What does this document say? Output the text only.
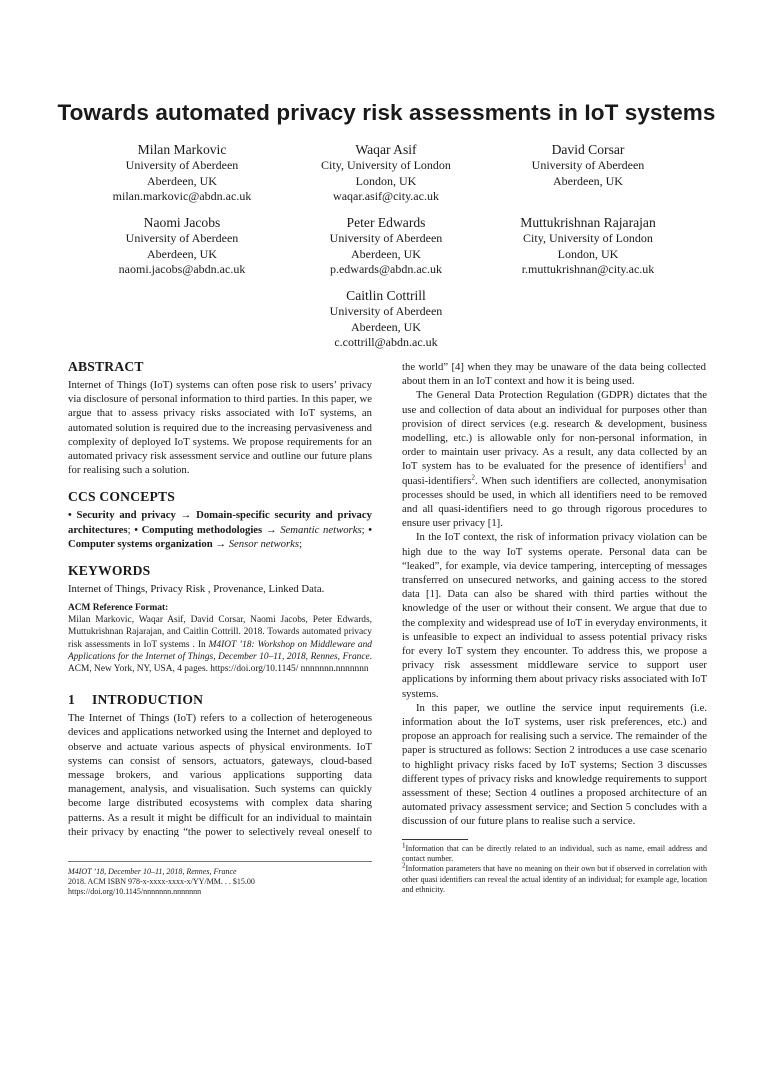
Towards automated privacy risk assessments in IoT systems
Milan Markovic
University of Aberdeen
Aberdeen, UK
milan.markovic@abdn.ac.uk
Waqar Asif
City, University of London
London, UK
waqar.asif@city.ac.uk
David Corsar
University of Aberdeen
Aberdeen, UK
Naomi Jacobs
University of Aberdeen
Aberdeen, UK
naomi.jacobs@abdn.ac.uk
Peter Edwards
University of Aberdeen
Aberdeen, UK
p.edwards@abdn.ac.uk
Muttukrishnan Rajarajan
City, University of London
London, UK
r.muttukrishnan@city.ac.uk
Caitlin Cottrill
University of Aberdeen
Aberdeen, UK
c.cottrill@abdn.ac.uk
ABSTRACT

Internet of Things (IoT) systems can often pose risk to users’ privacy via disclosure of personal information to third parties. In this paper, we argue that to assess privacy risks associated with IoT systems, an automated solution is required due to the increasing pervasiveness and complexity of deployed IoT systems. We propose requirements for an automated privacy risk assessment service and outline our future plans for realising such a solution.

CCS CONCEPTS

• Security and privacy → Domain-specific security and privacy architectures; • Computing methodologies → Semantic networks; • Computer systems organization → Sensor networks;

KEYWORDS

Internet of Things, Privacy Risk , Provenance, Linked Data.

ACM Reference Format:

Milan Markovic, Waqar Asif, David Corsar, Naomi Jacobs, Peter Edwards, Muttukrishnan Rajarajan, and Caitlin Cottrill. 2018. Towards automated privacy risk assessments in IoT systems . In M4IOT ’18: Workshop on Middleware and Applications for the Internet of Things, December 10–11, 2018, Rennes, France. ACM, New York, NY, USA, 4 pages. https://doi.org/10.1145/ nnnnnnn.nnnnnnn

1 INTRODUCTION

The Internet of Things (IoT) refers to a collection of heterogeneous devices and applications networked using the Internet and deployed to observe and actuate various aspects of physical environments. IoT systems can consist of sensors, actuators, gateways, cloud-based message brokers, and various applications supporting data management, analysis, and visualisation. Such systems can quickly become large distributed ecosystems with complex data sharing patterns. As a result it might be difficult for an individual to maintain their privacy by enacting “the power to selectively reveal oneself to

M4IOT ’18, December 10–11, 2018, Rennes, France
2018. ACM ISBN 978-x-xxxx-xxxx-x/YY/MM. . . $15.00
https://doi.org/10.1145/nnnnnnn.nnnnnnn

the world” [4] when they may be unaware of the data being collected about them in an IoT context and how it is being used.

The General Data Protection Regulation (GDPR) dictates that the use and collection of data about an individual for purposes other than provision of direct services (e.g. research & development, business modelling, etc.) is allowable only for non-personal information, in order to maintain user privacy. As a result, any data collected by an IoT system has to be evaluated for the presence of identifiers$^1$ and quasi-identifiers$^2$. When such identifiers are collected, anonymisation processes should be used, in which all identifiers need to be removed and all quasi-identifiers need to go through rigorous procedures to ensure user privacy [1].

In the IoT context, the risk of information privacy violation can be high due to the way IoT systems operate. Personal data can be “leaked”, for example, via device tampering, intercepting of messages transferred on unsecured networks, and gaining access to the stored data [1]. Data can also be shared with third parties without the knowledge of the user or without their consent. We argue that due to the complexity and widespread use of IoT in everyday environments, it is unfeasible to expect an individual to assess potential privacy risks for every IoT system they encounter. To address this, we propose a privacy risk assessment middleware service to support user applications by informing them about privacy risks associated with IoT systems.

In this paper, we outline the service input requirements (i.e. information about the IoT systems, user risk preferences, etc.) and propose an approach for realising such a service. The remainder of the paper is structured as follows: Section 2 introduces a use case scenario to highlight privacy risks faced by IoT systems; Section 3 discusses different types of privacy risks and knowledge requirements to support assessment of these; Section 4 outlines a proposed architecture of an automated privacy assessment service; and Section 5 concludes with a discussion of our future plans to realise such a service.

$^1$Information that can be directly related to an individual, such as name, email address and contact number.
$^2$Information parameters that have no meaning on their own but if observed in correlation with other quasi identifiers can reveal the actual identity of an individual; for example age, location and ethnicity.
